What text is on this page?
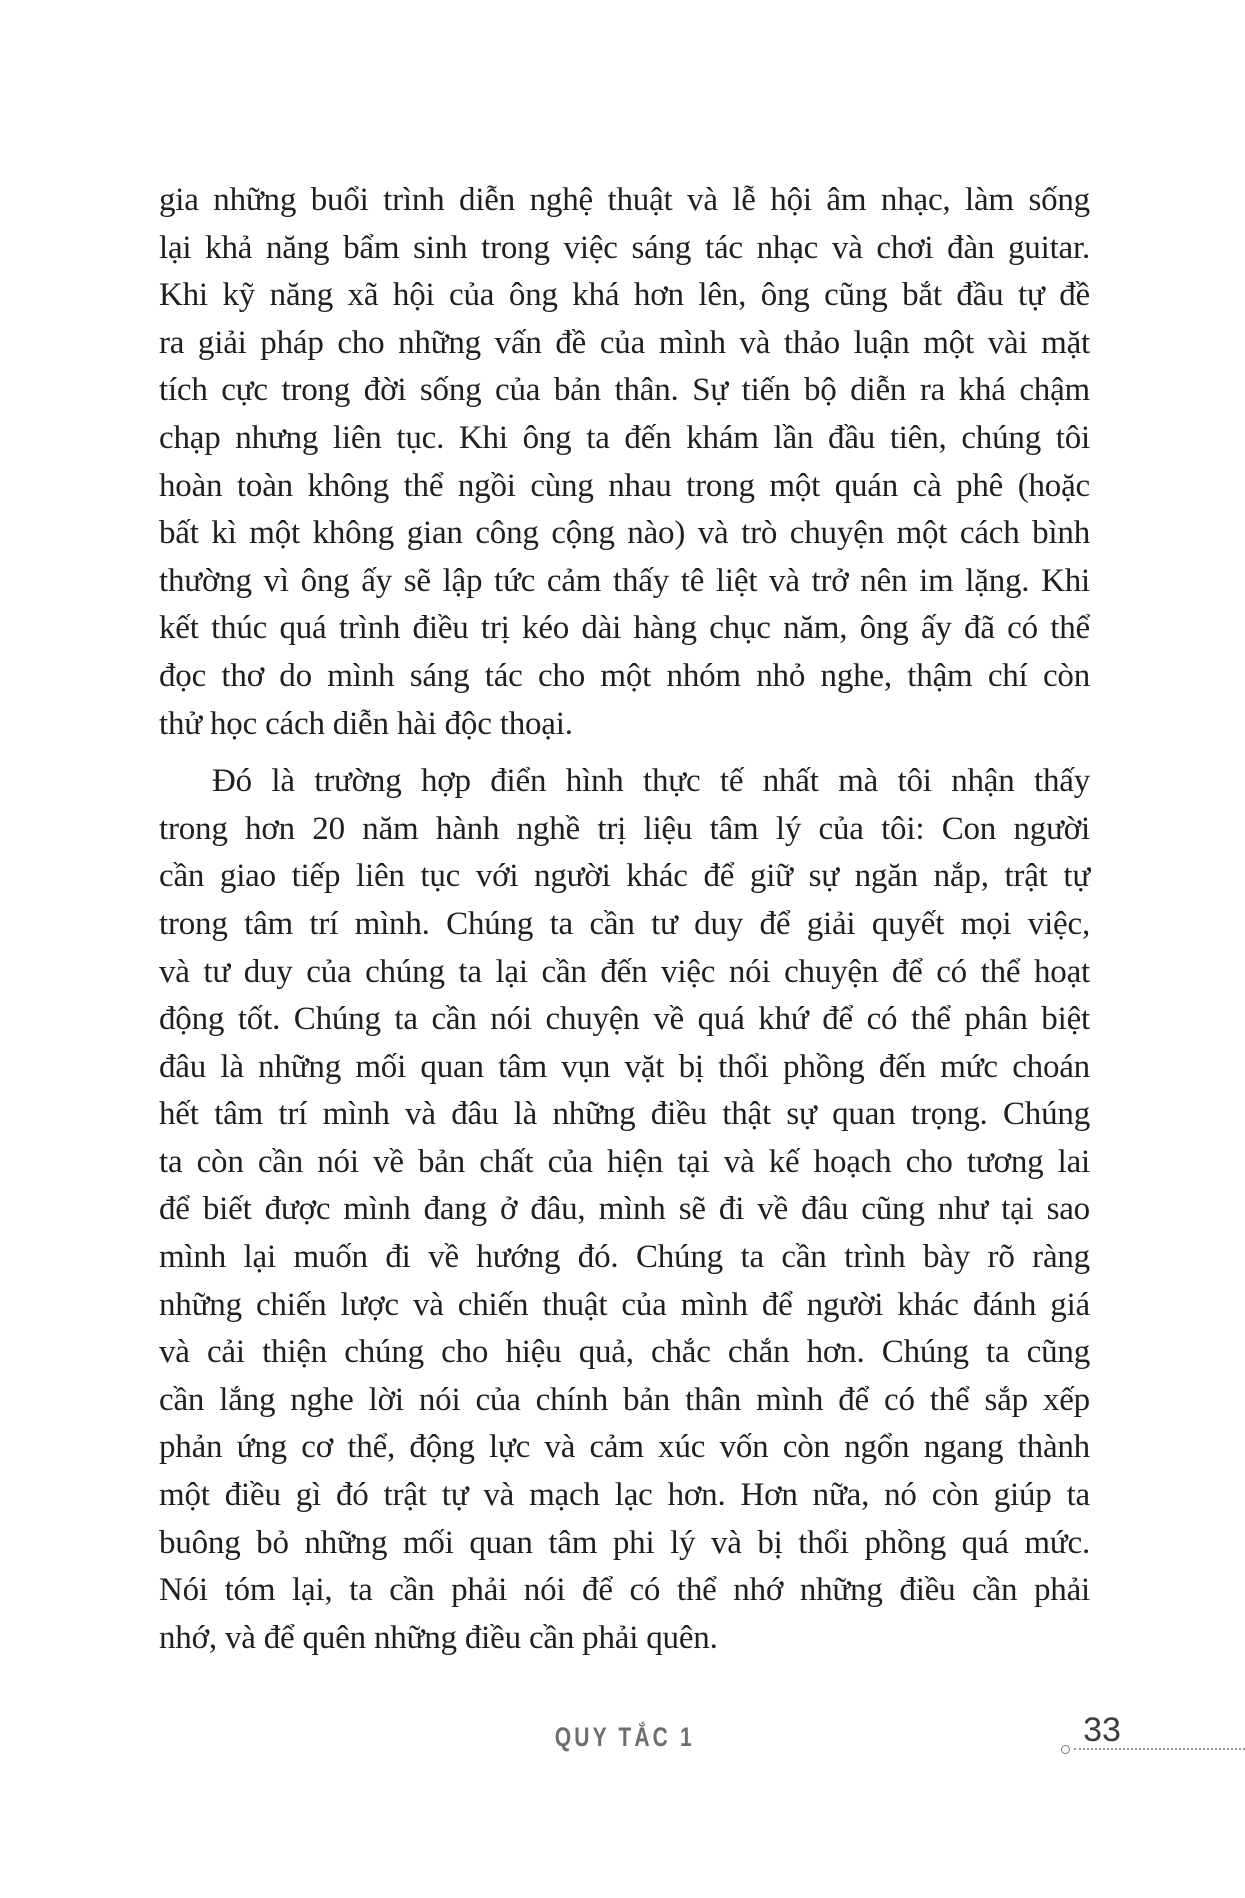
gia những buổi trình diễn nghệ thuật và lễ hội âm nhạc, làm sống
lại khả năng bẩm sinh trong việc sáng tác nhạc và chơi đàn guitar.
Khi kỹ năng xã hội của ông khá hơn lên, ông cũng bắt đầu tự đề
ra giải pháp cho những vấn đề của mình và thảo luận một vài mặt
tích cực trong đời sống của bản thân. Sự tiến bộ diễn ra khá chậm
chạp nhưng liên tục. Khi ông ta đến khám lần đầu tiên, chúng tôi
hoàn toàn không thể ngồi cùng nhau trong một quán cà phê (hoặc
bất kì một không gian công cộng nào) và trò chuyện một cách bình
thường vì ông ấy sẽ lập tức cảm thấy tê liệt và trở nên im lặng. Khi
kết thúc quá trình điều trị kéo dài hàng chục năm, ông ấy đã có thể
đọc thơ do mình sáng tác cho một nhóm nhỏ nghe, thậm chí còn
thử học cách diễn hài độc thoại.
Đó là trường hợp điển hình thực tế nhất mà tôi nhận thấy
trong hơn 20 năm hành nghề trị liệu tâm lý của tôi: Con người
cần giao tiếp liên tục với người khác để giữ sự ngăn nắp, trật tự
trong tâm trí mình. Chúng ta cần tư duy để giải quyết mọi việc,
và tư duy của chúng ta lại cần đến việc nói chuyện để có thể hoạt
động tốt. Chúng ta cần nói chuyện về quá khứ để có thể phân biệt
đâu là những mối quan tâm vụn vặt bị thổi phồng đến mức choán
hết tâm trí mình và đâu là những điều thật sự quan trọng. Chúng
ta còn cần nói về bản chất của hiện tại và kế hoạch cho tương lai
để biết được mình đang ở đâu, mình sẽ đi về đâu cũng như tại sao
mình lại muốn đi về hướng đó. Chúng ta cần trình bày rõ ràng
những chiến lược và chiến thuật của mình để người khác đánh giá
và cải thiện chúng cho hiệu quả, chắc chắn hơn. Chúng ta cũng
cần lắng nghe lời nói của chính bản thân mình để có thể sắp xếp
phản ứng cơ thể, động lực và cảm xúc vốn còn ngổn ngang thành
một điều gì đó trật tự và mạch lạc hơn. Hơn nữa, nó còn giúp ta
buông bỏ những mối quan tâm phi lý và bị thổi phồng quá mức.
Nói tóm lại, ta cần phải nói để có thể nhớ những điều cần phải
nhớ, và để quên những điều cần phải quên.
QUY TẮC 1	33
